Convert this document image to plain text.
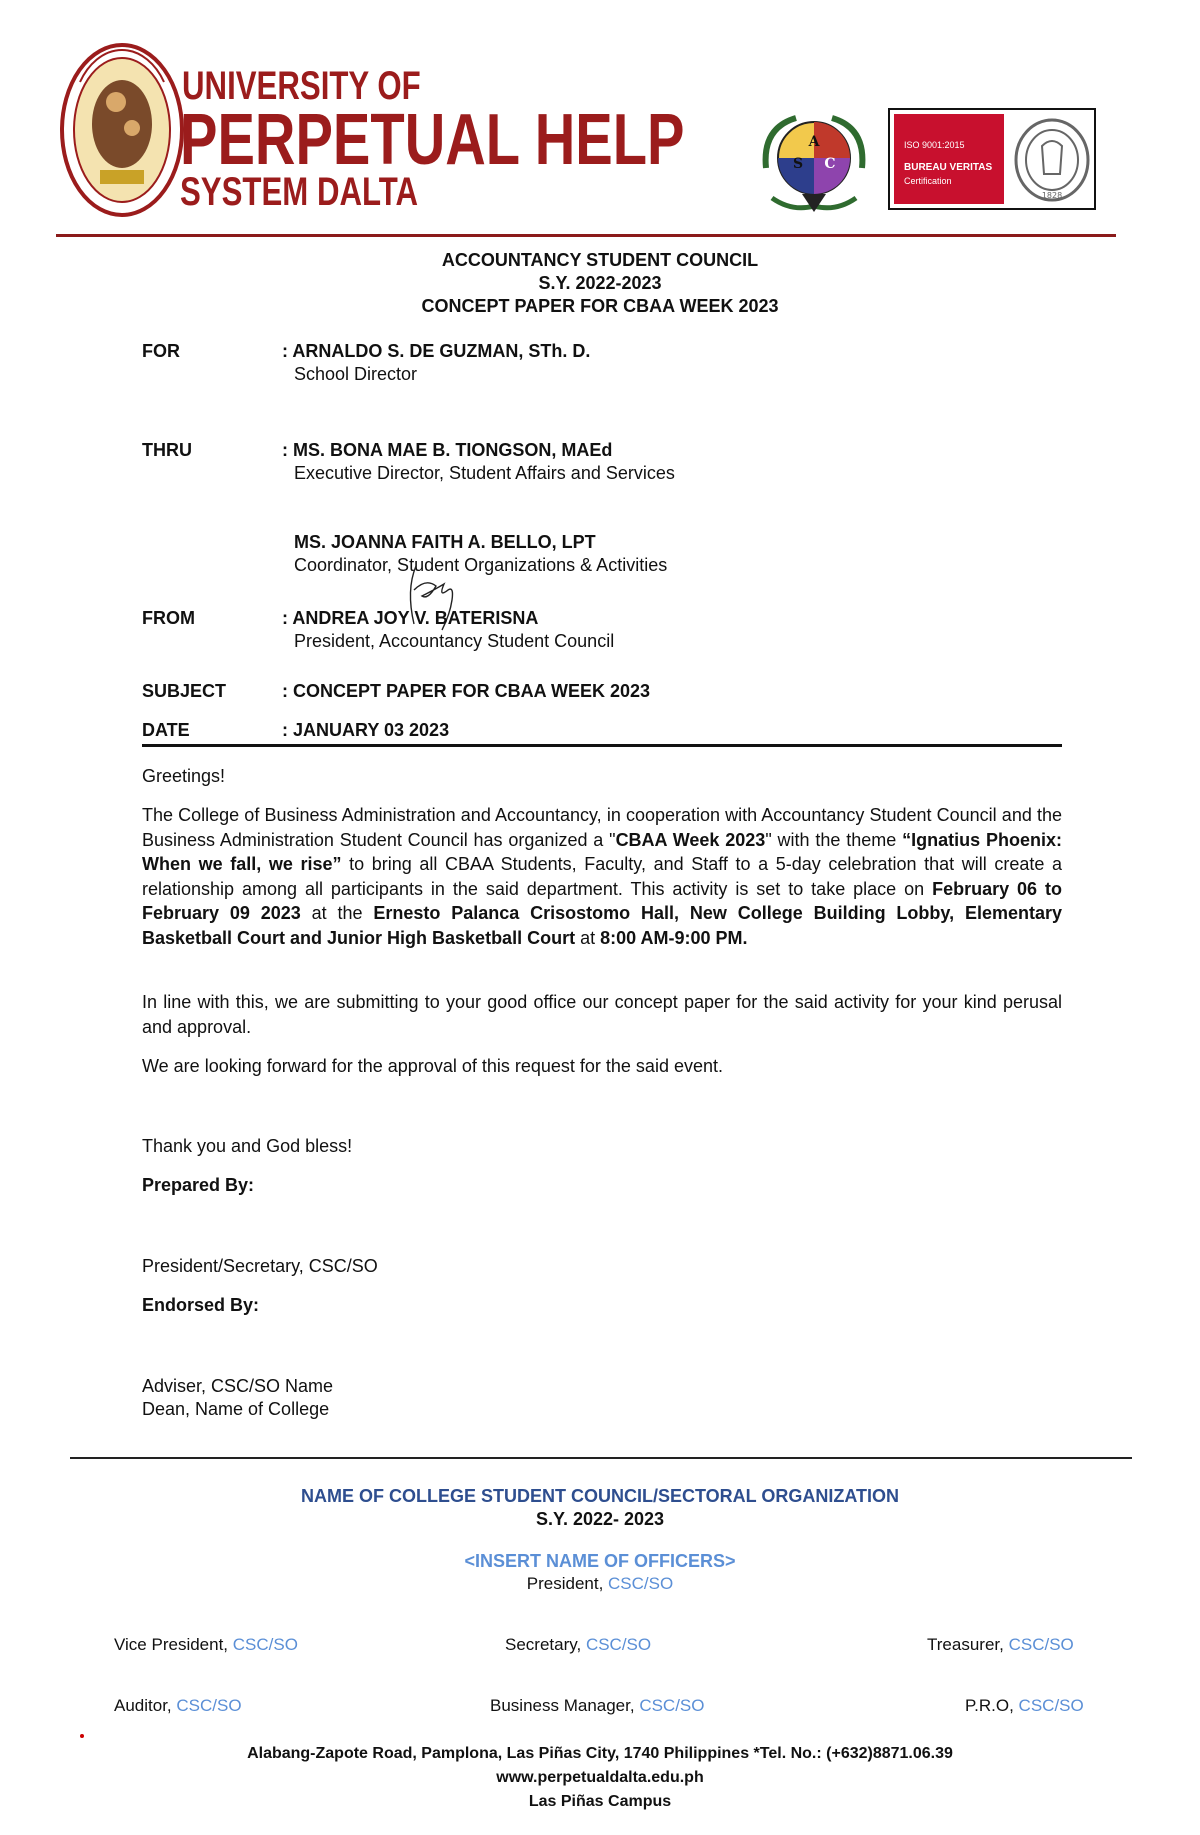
UNIVERSITY OF
PERPETUAL HELP
SYSTEM DALTA
A
S C
ISO 9001:2015
BUREAU VERITAS
Certification
1828
ACCOUNTANCY STUDENT COUNCIL
S.Y. 2022-2023
CONCEPT PAPER FOR CBAA WEEK 2023
FOR	: ARNALDO S. DE GUZMAN, STh. D.
School Director
THRU	: MS. BONA MAE B. TIONGSON, MAEd
Executive Director, Student Affairs and Services
MS. JOANNA FAITH A. BELLO, LPT
Coordinator, Student Organizations & Activities
FROM	: ANDREA JOY V. BATERISNA
President, Accountancy Student Council
SUBJECT	: CONCEPT PAPER FOR CBAA WEEK 2023
DATE	: JANUARY 03 2023
Greetings!
The College of Business Administration and Accountancy, in cooperation with Accountancy Student Council and the Business Administration Student Council has organized a "CBAA Week 2023" with the theme “Ignatius Phoenix: When we fall, we rise” to bring all CBAA Students, Faculty, and Staff to a 5-day celebration that will create a relationship among all participants in the said department. This activity is set to take place on February 06 to February 09 2023 at the Ernesto Palanca Crisostomo Hall, New College Building Lobby, Elementary Basketball Court and Junior High Basketball Court at 8:00 AM-9:00 PM.
In line with this, we are submitting to your good office our concept paper for the said activity for your kind perusal and approval.
We are looking forward for the approval of this request for the said event.
Thank you and God bless!
Prepared By:
President/Secretary, CSC/SO
Endorsed By:
Adviser, CSC/SO Name
Dean, Name of College
NAME OF COLLEGE STUDENT COUNCIL/SECTORAL ORGANIZATION
S.Y. 2022- 2023
<INSERT NAME OF OFFICERS>
President, CSC/SO
Vice President, CSC/SO	Secretary, CSC/SO	Treasurer, CSC/SO
Auditor, CSC/SO	Business Manager, CSC/SO	P.R.O, CSC/SO
Alabang-Zapote Road, Pamplona, Las Piñas City, 1740 Philippines *Tel. No.: (+632)8871.06.39
www.perpetualdalta.edu.ph
Las Piñas Campus
